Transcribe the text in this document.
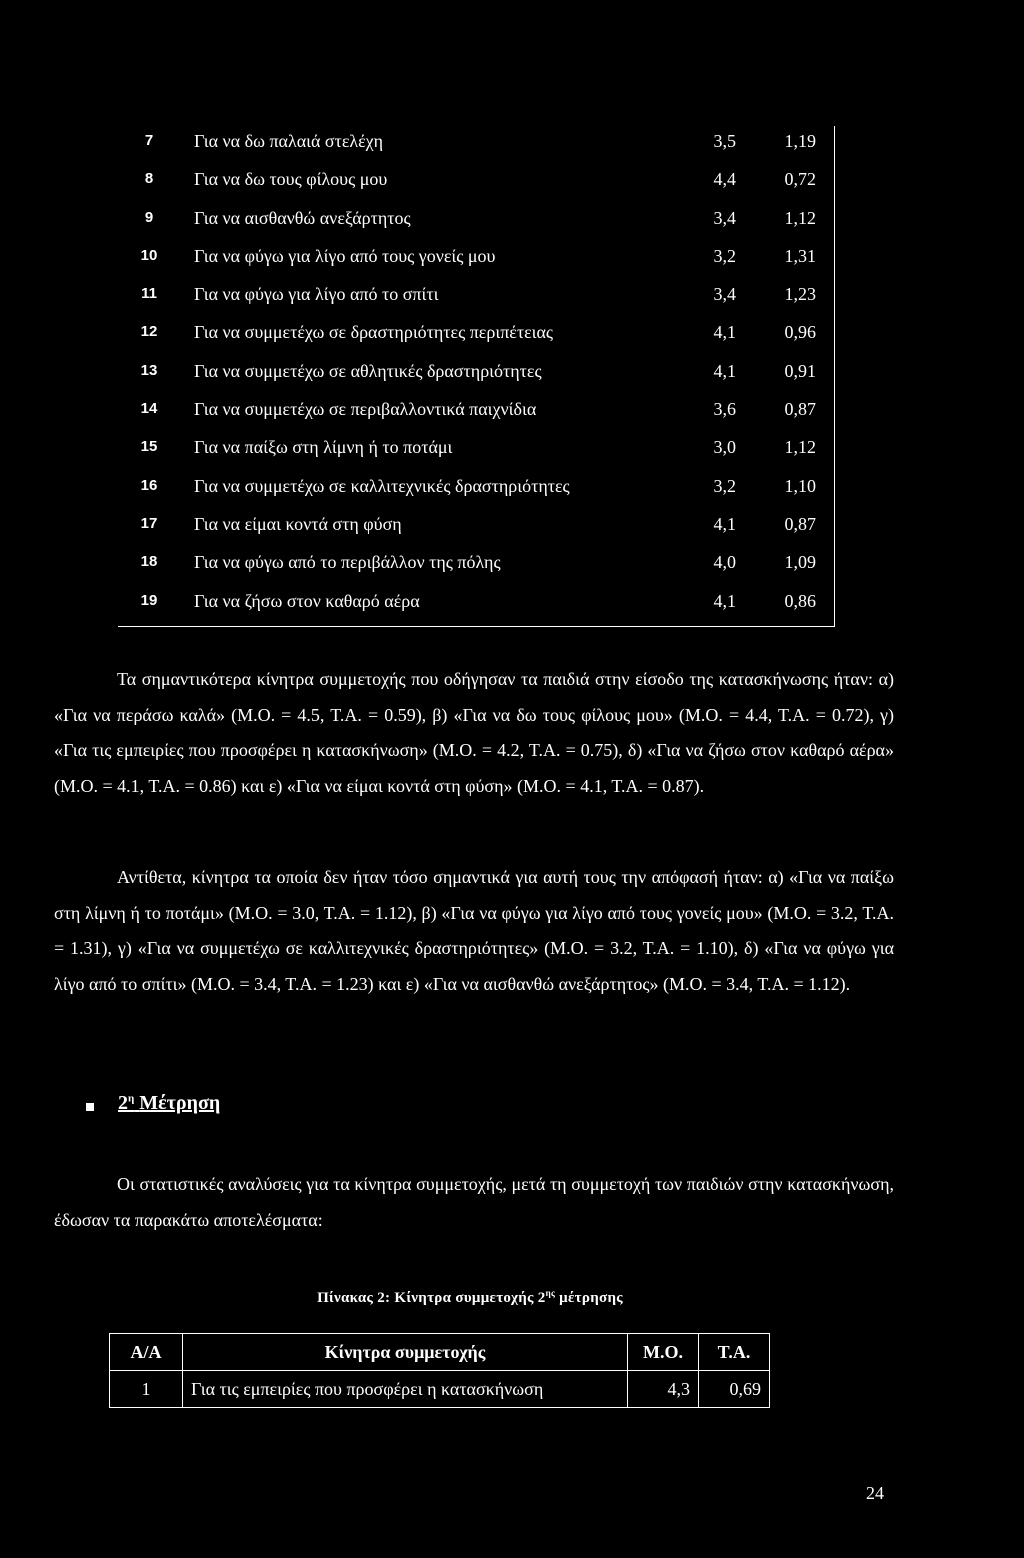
7	Για να δω παλαιά στελέχη	3,5	1,19
8	Για να δω τους φίλους μου	4,4	0,72
9	Για να αισθανθώ ανεξάρτητος	3,4	1,12
10 Για να φύγω για λίγο από τους γονείς μου	3,2	1,31
11 Για να φύγω για λίγο από το σπίτι	3,4	1,23
12 Για να συμμετέχω σε δραστηριότητες περιπέτειας	4,1	0,96
13 Για να συμμετέχω σε αθλητικές δραστηριότητες	4,1	0,91
14 Για να συμμετέχω σε περιβαλλοντικά παιχνίδια	3,6	0,87
15 Για να παίξω στη λίμνη ή το ποτάμι	3,0	1,12
16 Για να συμμετέχω σε καλλιτεχνικές δραστηριότητες	3,2	1,10
17 Για να είμαι κοντά στη φύση	4,1	0,87
18 Για να φύγω από το περιβάλλον της πόλης	4,0	1,09
19 Για να ζήσω στον καθαρό αέρα	4,1	0,86

Τα σημαντικότερα κίνητρα συμμετοχής που οδήγησαν τα παιδιά στην είσοδο της κατασκήνωσης ήταν: α) «Για να περάσω καλά» (Μ.Ο. = 4.5, Τ.Α. = 0.59), β) «Για να δω τους φίλους μου» (Μ.Ο. = 4.4, Τ.Α. = 0.72), γ) «Για τις εμπειρίες που προσφέρει η κατασκήνωση» (Μ.Ο. = 4.2, Τ.Α. = 0.75), δ) «Για να ζήσω στον καθαρό αέρα» (Μ.Ο. = 4.1, Τ.Α. = 0.86) και ε) «Για να είμαι κοντά στη φύση» (Μ.Ο. = 4.1, Τ.Α. = 0.87).

Αντίθετα, κίνητρα τα οποία δεν ήταν τόσο σημαντικά για αυτή τους την απόφασή ήταν: α) «Για να παίξω στη λίμνη ή το ποτάμι» (Μ.Ο. = 3.0, Τ.Α. = 1.12), β) «Για να φύγω για λίγο από τους γονείς μου» (Μ.Ο. = 3.2, Τ.Α. = 1.31), γ) «Για να συμμετέχω σε καλλιτεχνικές δραστηριότητες» (Μ.Ο. = 3.2, Τ.Α. = 1.10), δ) «Για να φύγω για λίγο από το σπίτι» (Μ.Ο. = 3.4, Τ.Α. = 1.23) και ε) «Για να αισθανθώ ανεξάρτητος» (Μ.Ο. = 3.4, Τ.Α. = 1.12).

$2^\eta$ Μέτρηση

Οι στατιστικές αναλύσεις για τα κίνητρα συμμετοχής, μετά τη συμμετοχή των παιδιών στην κατασκήνωση, έδωσαν τα παρακάτω αποτελέσματα:

Πίνακας 2: Κίνητρα συμμετοχής $2^{\eta\varsigma}$ μέτρησης
Α/Α	Κίνητρα συμμετοχής	Μ.Ο.	Τ.Α.
1	Για τις εμπειρίες που προσφέρει η κατασκήνωση	4,3	0,69
24
